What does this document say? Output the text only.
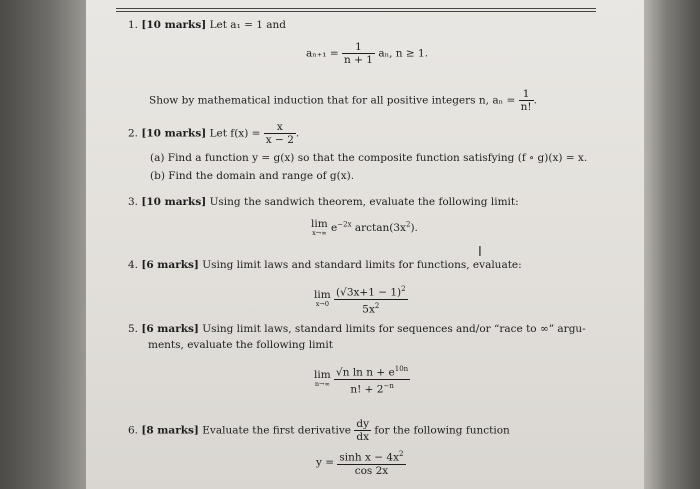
1. [10 marks] Let a₁ = 1 and
$a_{n+1} = \frac{1}{n + 1} a_n$, n ≥ 1.
Show by mathematical induction that for all positive integers n, $a_n = \frac{1}{n!}$ .
2. [10 marks] Let $f(x) = \frac{x}{x - 2}$ .
(a) Find a function y = g(x) so that the composite function satisfying (f ∘ g)(x) = x.
(b) Find the domain and range of g(x).
3. [10 marks] Using the sandwich theorem, evaluate the following limit:
lim
x→∞ $e^{-2x}$ $\arctan(3x^2)$.
I
4. [6 marks] Using limit laws and standard limits for functions, evaluate:
lim
x→0
$\frac{(√3x+1 - 1)^2}{5x^2}$
5. [6 marks] Using limit laws, standard limits for sequences and/or “race to ∞” argu-
ments, evaluate the following limit
lim
n→∞
$\frac{√n \ln n + e^{10n}}{n! + 2^{-n}}$
6. [8 marks] Evaluate the first derivative $\frac{dy}{dx}$ for the following function
$y = \frac{\sinh x - 4x^2}{\cos 2x}$
